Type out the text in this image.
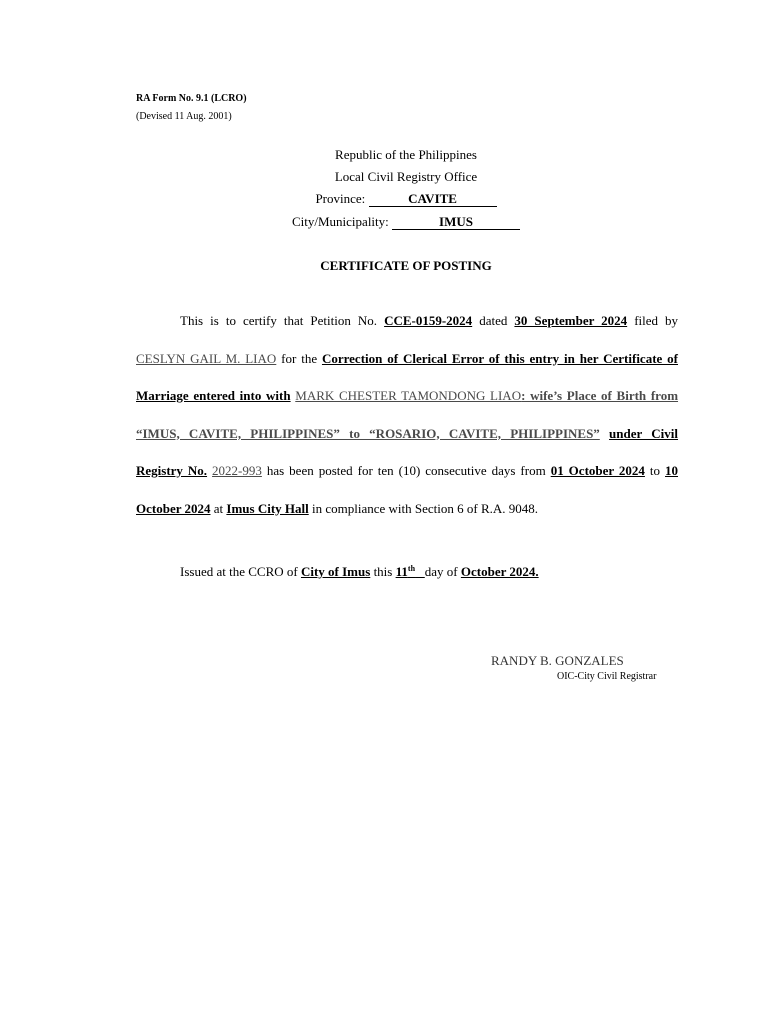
RA Form No. 9.1 (LCRO)
(Devised 11 Aug. 2001)
Republic of the Philippines
Local Civil Registry Office
Province:	CAVITE
City/Municipality:	IMUS
CERTIFICATE OF POSTING
This is to certify that Petition No. CCE-0159-2024 dated 30 September 2024 filed by CESLYN GAIL M. LIAO for the Correction of Clerical Error of this entry in her Certificate of Marriage entered into with MARK CHESTER TAMONDONG LIAO: wife’s Place of Birth from “IMUS, CAVITE, PHILIPPINES” to “ROSARIO, CAVITE, PHILIPPINES” under Civil Registry No. 2022-993 has been posted for ten (10) consecutive days from 01 October 2024 to 10 October 2024 at Imus City Hall in compliance with Section 6 of R.A. 9048.
Issued at the CCRO of City of Imus this 11th day of October 2024.
RANDY B. GONZALES
OIC-City Civil Registrar
